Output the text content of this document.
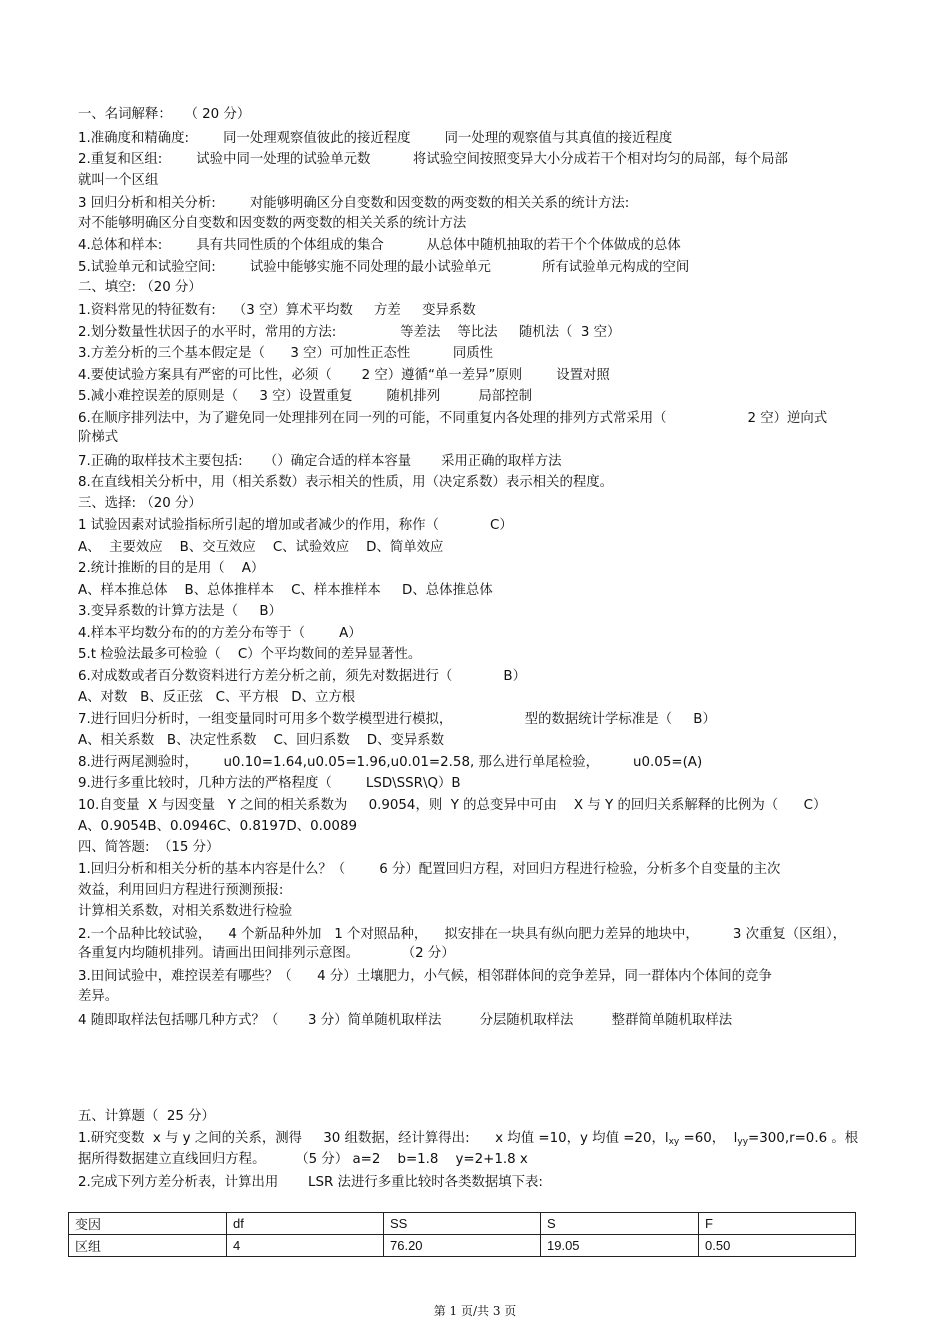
一、名词解释：   （ 20 分）
1.准确度和精确度:        同一处理观察值彼此的接近程度        同一处理的观察值与其真值的接近程度
2.重复和区组:        试验中同一处理的试验单元数          将试验空间按照变异大小分成若干个相对均匀的局部，每个局部
就叫一个区组
3 回归分析和相关分析:        对能够明确区分自变数和因变数的两变数的相关关系的统计方法:
对不能够明确区分自变数和因变数的两变数的相关关系的统计方法
4.总体和样本:        具有共同性质的个体组成的集合          从总体中随机抽取的若干个个体做成的总体
5.试验单元和试验空间:        试验中能够实施不同处理的最小试验单元            所有试验单元构成的空间
二、填空: （20 分）
1.资料常见的特征数有:    （3 空）算术平均数     方差     变异系数
2.划分数量性状因子的水平时，常用的方法:               等差法    等比法     随机法（  3 空）
3.方差分析的三个基本假定是（      3 空）可加性正态性          同质性
4.要使试验方案具有严密的可比性，必须（       2 空）遵循“单一差异”原则        设置对照
5.减小难控误差的原则是（     3 空）设置重复        随机排列         局部控制
6.在顺序排列法中，为了避免同一处理排列在同一列的可能，不同重复内各处理的排列方式常采用（                   2 空）逆向式
阶梯式
7.正确的取样技术主要包括:     （）确定合适的样本容量       采用正确的取样方法
8.在直线相关分析中，用（相关系数）表示相关的性质，用（决定系数）表示相关的程度。
三、选择: （20 分）
1 试验因素对试验指标所引起的增加或者减少的作用，称作（            C）
A、  主要效应    B、交互效应    C、试验效应    D、简单效应
2.统计推断的目的是用（    A）
A、样本推总体    B、总体推样本    C、样本推样本     D、总体推总体
3.变异系数的计算方法是（     B）
4.样本平均数分布的的方差分布等于（        A）
5.t 检验法最多可检验（    C）个平均数间的差异显著性。
6.对成数或者百分数资料进行方差分析之前，须先对数据进行（            B）
A、对数   B、反正弦   C、平方根   D、立方根
7.进行回归分析时，一组变量同时可用多个数学模型进行模拟，                 型的数据统计学标准是（     B）
A、相关系数   B、决定性系数    C、回归系数    D、变异系数
8.进行两尾测验时，      u0.10=1.64,u0.05=1.96,u0.01=2.58, 那么进行单尾检验，        u0.05=(A)
9.进行多重比较时，几种方法的严格程度（        LSD\SSR\Q）B
10.自变量  X 与因变量   Y 之间的相关系数为     0.9054，则  Y 的总变异中可由    X 与 Y 的回归关系解释的比例为（      C）
A、0.9054B、0.0946C、0.8197D、0.0089
四、简答题:  （15 分）
1.回归分析和相关分析的基本内容是什么？（        6 分）配置回归方程，对回归方程进行检验，分析多个自变量的主次
效益，利用回归方程进行预测预报:
计算相关系数，对相关系数进行检验
2.一个品种比较试验，    4 个新品种外加   1 个对照品种，    拟安排在一块具有纵向肥力差异的地块中，        3 次重复（区组），
各重复内均随机排列。请画出田间排列示意图。          （2 分）
3.田间试验中，难控误差有哪些？（      4 分）土壤肥力，小气候，相邻群体间的竞争差异，同一群体内个体间的竞争
差异。
4 随即取样法包括哪几种方式？（       3 分）简单随机取样法         分层随机取样法         整群简单随机取样法
五、计算题（  25 分）
1.研究变数  x 与 y 之间的关系，测得     30 组数据，经计算得出:      x 均值 =10，y 均值 =20，$l_{xy} =60$，  $l_{yy}=300,r=0.6$ 。根
据所得数据建立直线回归方程。       （5 分） a=2    b=1.8    y=2+1.8 x
2.完成下列方差分析表，计算出用       LSR 法进行多重比较时各类数据填下表:
变因	df	SS	S	F
区组	4	76.20	19.05	0.50
第 1 页/共 3 页
